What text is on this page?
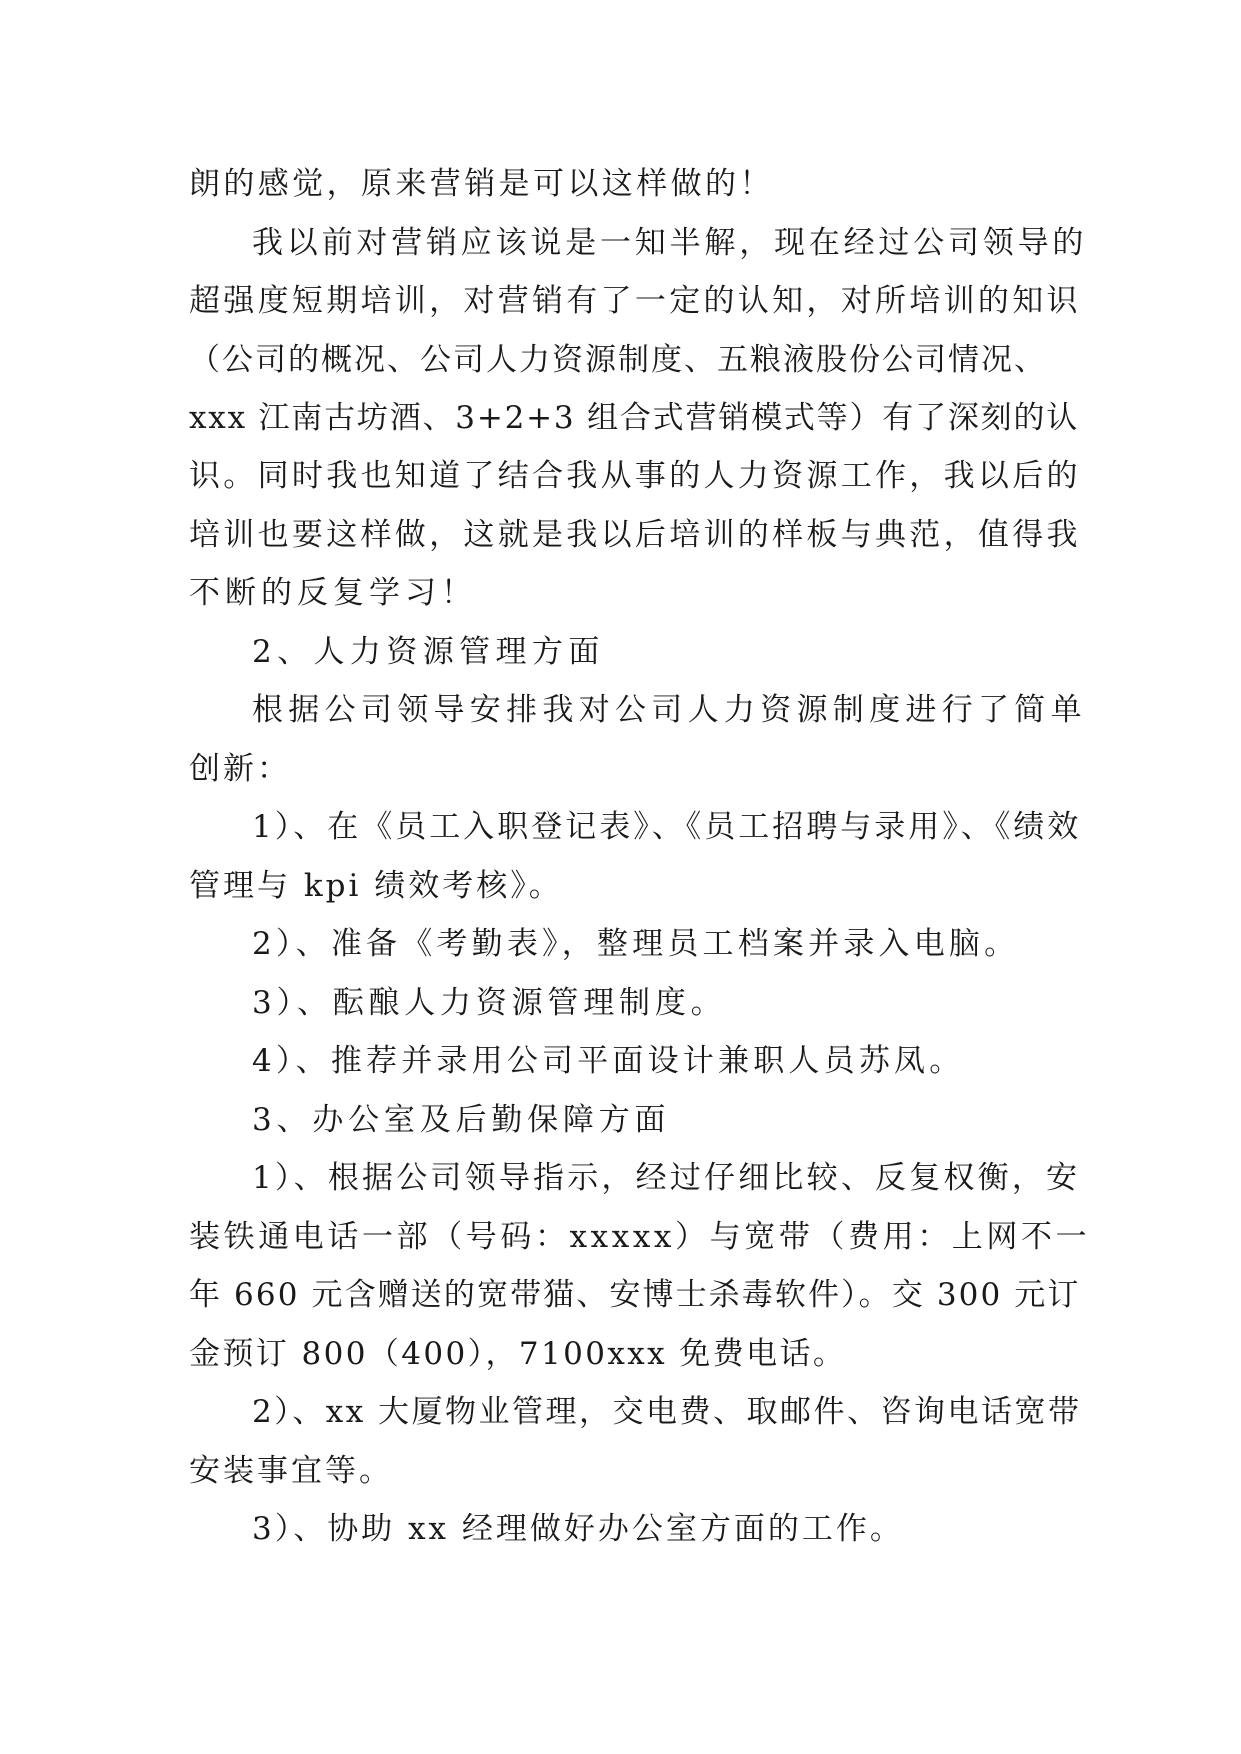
朗的感觉，原来营销是可以这样做的！
我以前对营销应该说是一知半解，现在经过公司领导的
超强度短期培训，对营销有了一定的认知，对所培训的知识
（公司的概况、公司人力资源制度、五粮液股份公司情况、
xxx 江南古坊酒、3+2+3 组合式营销模式等）有了深刻的认
识。同时我也知道了结合我从事的人力资源工作，我以后的
培训也要这样做，这就是我以后培训的样板与典范，值得我
不断的反复学习！
2、人力资源管理方面
根据公司领导安排我对公司人力资源制度进行了简单
创新：
1）、在《员工入职登记表》、《员工招聘与录用》、《绩效
管理与 kpi 绩效考核》。
2）、准备《考勤表》，整理员工档案并录入电脑。
3）、酝酿人力资源管理制度。
4）、推荐并录用公司平面设计兼职人员苏凤。
3、办公室及后勤保障方面
1）、根据公司领导指示，经过仔细比较、反复权衡，安
装铁通电话一部（号码：xxxxx）与宽带（费用：上网不一
年 660 元含赠送的宽带猫、安博士杀毒软件）。交 300 元订
金预订 800（400），7100xxx 免费电话。
2）、xx 大厦物业管理，交电费、取邮件、咨询电话宽带
安装事宜等。
3）、协助 xx 经理做好办公室方面的工作。
